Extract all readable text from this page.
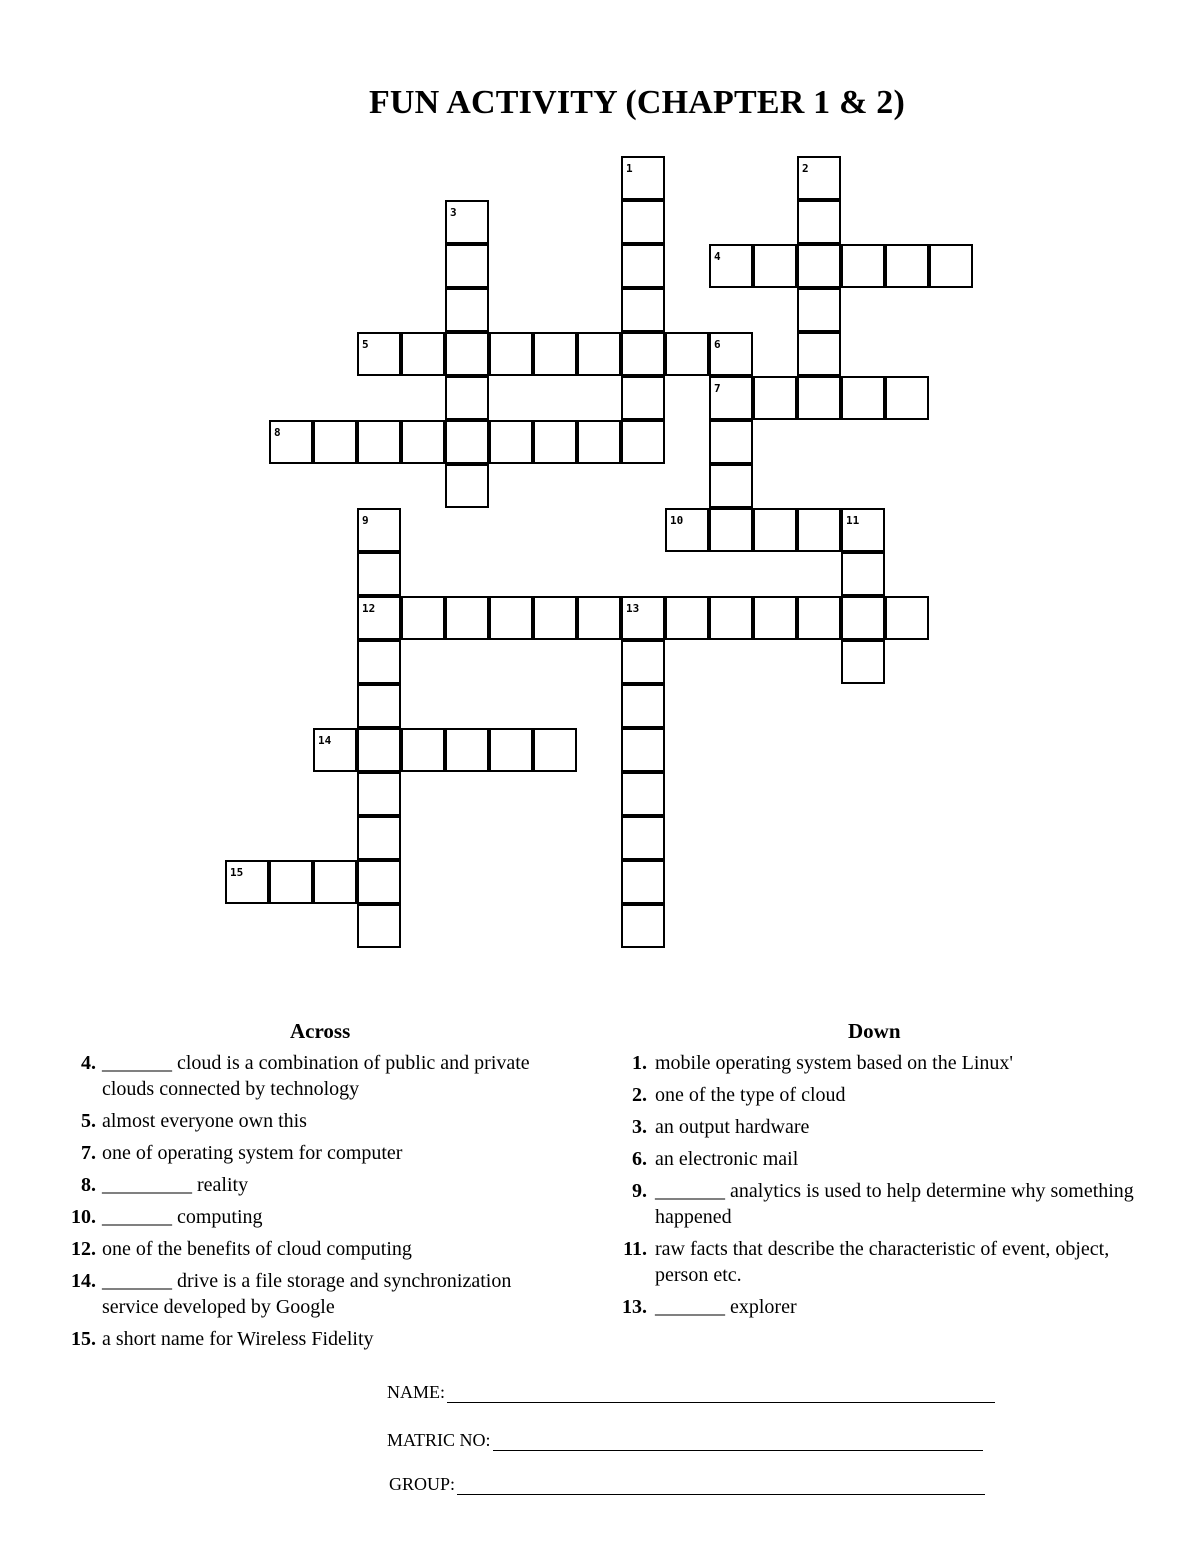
FUN ACTIVITY (CHAPTER 1 & 2)
1	2
3
4
5	6
7
8
9	10	11
12	13
14
15
Across	Down
4. _______ cloud is a combination of public and private clouds connected by technology
5. almost everyone own this
7. one of operating system for computer
8. _________ reality
10. _______ computing
12. one of the benefits of cloud computing
14. _______ drive is a file storage and synchronization service developed by Google
15. a short name for Wireless Fidelity
1. mobile operating system based on the Linux'
2. one of the type of cloud
3. an output hardware
6. an electronic mail
9. _______ analytics is used to help determine why something happened
11. raw facts that describe the characteristic of event, object, person etc.
13. _______ explorer
NAME:
MATRIC NO:
GROUP:
